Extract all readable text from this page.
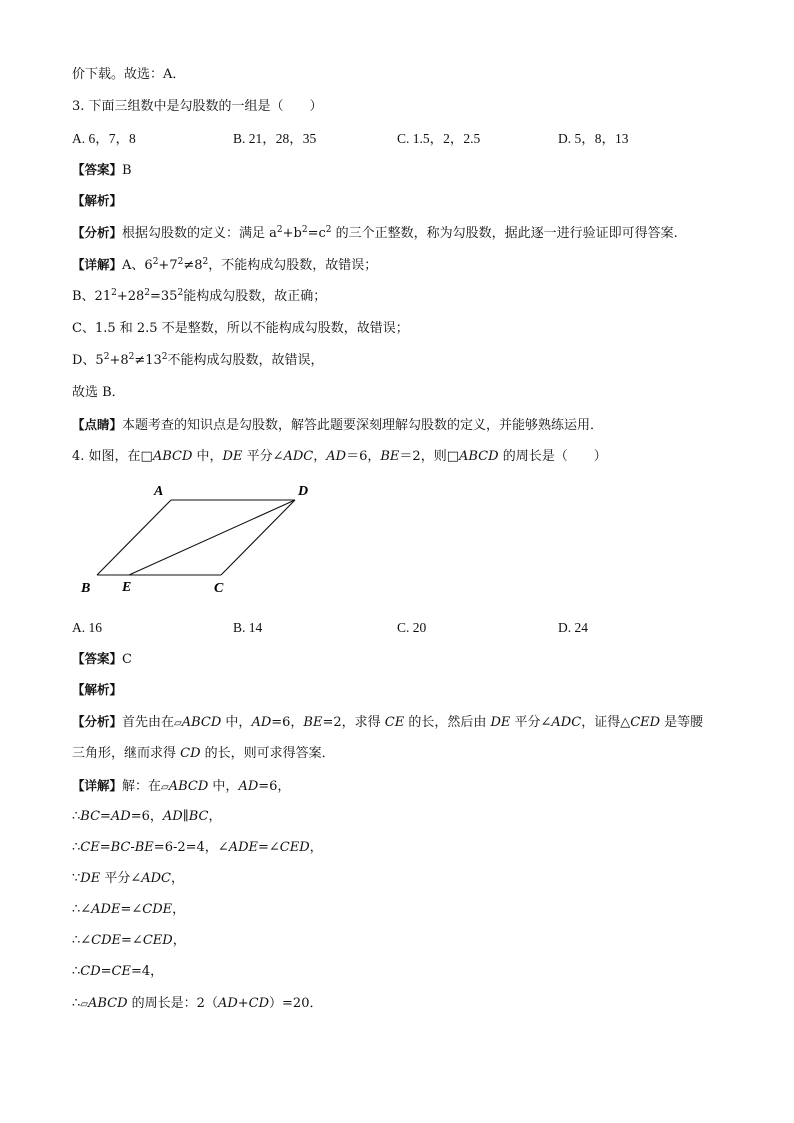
价下载。故选：A．
3. 下面三组数中是勾股数的一组是（　　）
A. 6，7，8	B. 21，28，35	C. 1.5，2，2.5	D. 5，8，13
【答案】B
【解析】
【分析】根据勾股数的定义：满足 $a^2+b^2=c^2$ 的三个正整数，称为勾股数，据此逐一进行验证即可得答案.
【详解】A、$6^2+7^2\ne 8^2$，不能构成勾股数，故错误；
B、$21^2+28^2=35^2$能构成勾股数，故正确；
C、1.5 和 2.5 不是整数，所以不能构成勾股数，故错误；
D、$5^2+8^2\ne 13^2$不能构成勾股数，故错误，
故选 B．
【点睛】本题考查的知识点是勾股数，解答此题要深刻理解勾股数的定义，并能够熟练运用．
4. 如图，在□ABCD 中，DE 平分∠ADC，AD＝6，BE＝2，则□ABCD 的周长是（　　）
A	D
B E	C
A. 16	B. 14	C. 20	D. 24
【答案】C
【解析】
【分析】首先由在▱ABCD 中，AD=6，BE=2，求得 CE 的长，然后由 DE 平分∠ADC，证得△CED 是等腰
三角形，继而求得 CD 的长，则可求得答案．
【详解】解：在▱ABCD 中，AD=6，
∴BC=AD=6，AD∥BC，
∴CE=BC-BE=6-2=4，∠ADE=∠CED，
∵DE 平分∠ADC，
∴∠ADE=∠CDE，
∴∠CDE=∠CED，
∴CD=CE=4，
∴▱ABCD 的周长是：2（AD+CD）=20．
